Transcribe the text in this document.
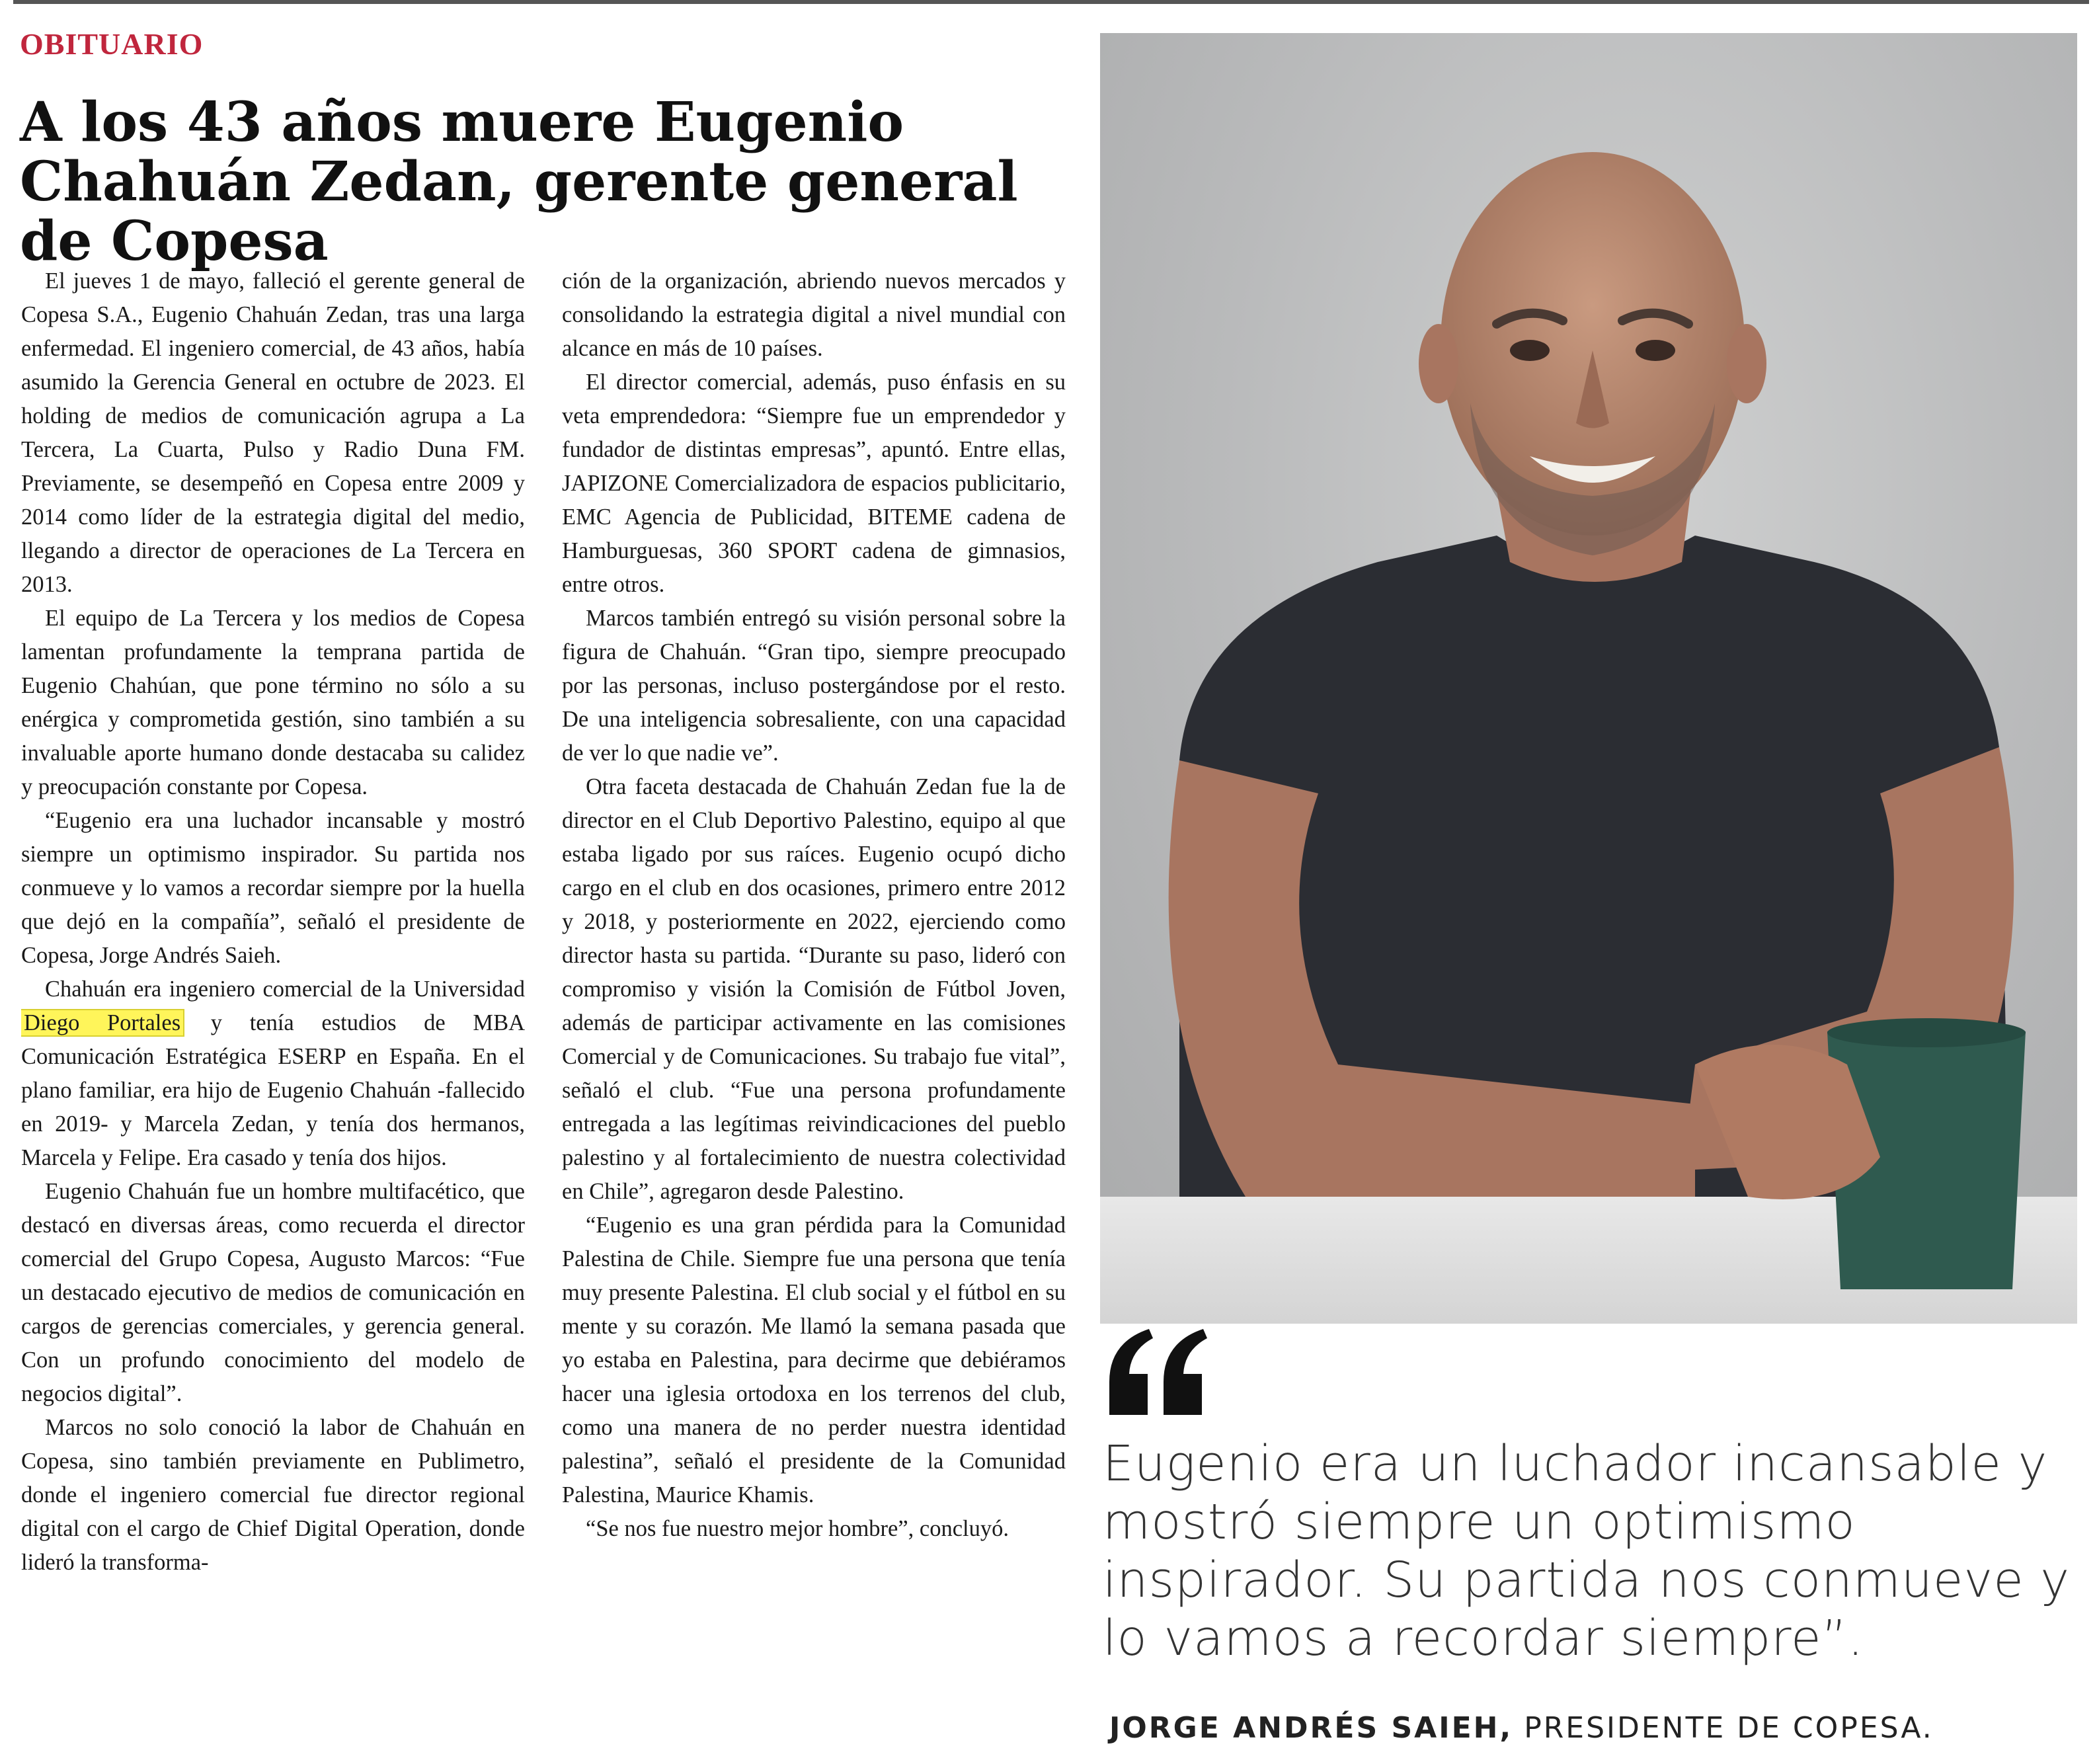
OBITUARIO
A los 43 años muere Eugenio Chahuán Zedan, gerente general de Copesa

El jueves 1 de mayo, falleció el gerente general de Copesa S.A., Eugenio Chahuán Zedan, tras una larga enfermedad. El ingeniero comercial, de 43 años, había asumido la Gerencia General en octubre de 2023. El holding de medios de comunicación agrupa a La Tercera, La Cuarta, Pulso y Radio Duna FM. Previamente, se desempeñó en Copesa entre 2009 y 2014 como líder de la estrategia digital del medio, llegando a director de operaciones de La Tercera en 2013.

El equipo de La Tercera y los medios de Copesa lamentan profundamente la temprana partida de Eugenio Chahúan, que pone término no sólo a su enérgica y comprometida gestión, sino también a su invaluable aporte humano donde destacaba su calidez y preocupación constante por Copesa.

“Eugenio era una luchador incansable y mostró siempre un optimismo inspirador. Su partida nos conmueve y lo vamos a recordar siempre por la huella que dejó en la compañía”, señaló el presidente de Copesa, Jorge Andrés Saieh.

Chahuán era ingeniero comercial de la Universidad Diego Portales y tenía estudios de MBA Comunicación Estratégica ESERP en España. En el plano familiar, era hijo de Eugenio Chahuán -fallecido en 2019- y Marcela Zedan, y tenía dos hermanos, Marcela y Felipe. Era casado y tenía dos hijos.

Eugenio Chahuán fue un hombre multifacético, que destacó en diversas áreas, como recuerda el director comercial del Grupo Copesa, Augusto Marcos: “Fue un destacado ejecutivo de medios de comunicación en cargos de gerencias comerciales, y gerencia general. Con un profundo conocimiento del modelo de negocios digital”.

Marcos no solo conoció la labor de Chahuán en Copesa, sino también previamente en Publimetro, donde el ingeniero comercial fue director regional digital con el cargo de Chief Digital Operation, donde lideró la transforma-

ción de la organización, abriendo nuevos mercados y consolidando la estrategia digital a nivel mundial con alcance en más de 10 países.

El director comercial, además, puso énfasis en su veta emprendedora: “Siempre fue un emprendedor y fundador de distintas empresas”, apuntó. Entre ellas, JAPIZONE Comercializadora de espacios publicitario, EMC Agencia de Publicidad, BITEME cadena de Hamburguesas, 360 SPORT cadena de gimnasios, entre otros.

Marcos también entregó su visión personal sobre la figura de Chahuán. “Gran tipo, siempre preocupado por las personas, incluso postergándose por el resto. De una inteligencia sobresaliente, con una capacidad de ver lo que nadie ve”.

Otra faceta destacada de Chahuán Zedan fue la de director en el Club Deportivo Palestino, equipo al que estaba ligado por sus raíces. Eugenio ocupó dicho cargo en el club en dos ocasiones, primero entre 2012 y 2018, y posteriormente en 2022, ejerciendo como director hasta su partida. “Durante su paso, lideró con compromiso y visión la Comisión de Fútbol Joven, además de participar activamente en las comisiones Comercial y de Comunicaciones. Su trabajo fue vital”, señaló el club. “Fue una persona profundamente entregada a las legítimas reivindicaciones del pueblo palestino y al fortalecimiento de nuestra colectividad en Chile”, agregaron desde Palestino.

“Eugenio es una gran pérdida para la Comunidad Palestina de Chile. Siempre fue una persona que tenía muy presente Palestina. El club social y el fútbol en su mente y su corazón. Me llamó la semana pasada que yo estaba en Palestina, para decirme que debiéramos hacer una iglesia ortodoxa en los terrenos del club, como una manera de no perder nuestra identidad palestina”, señaló el presidente de la Comunidad Palestina, Maurice Khamis.

“Se nos fue nuestro mejor hombre”, concluyó.

Eugenio era un luchador incansable y mostró siempre un optimismo inspirador. Su partida nos conmueve y lo vamos a recordar siempre”.

JORGE ANDRÉS SAIEH, PRESIDENTE DE COPESA.
